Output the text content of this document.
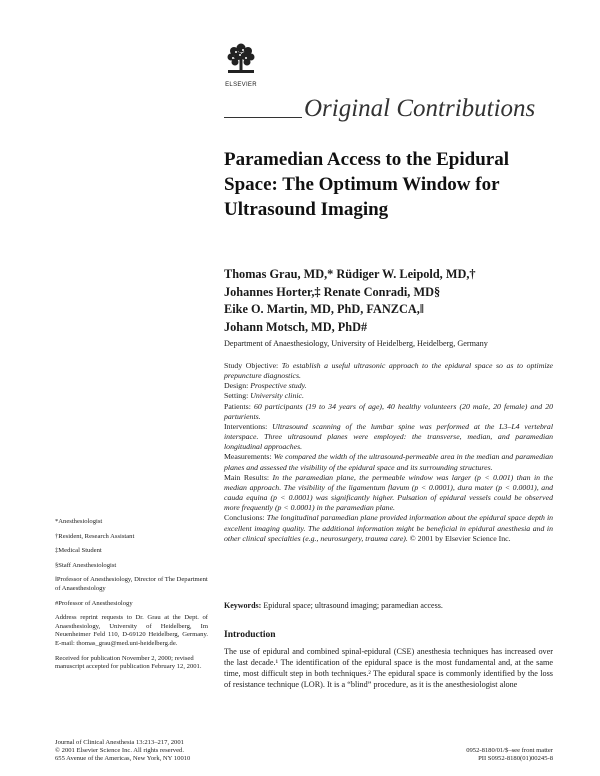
ELSEVIER
Original Contributions
Paramedian Access to the Epidural Space: The Optimum Window for Ultrasound Imaging
Thomas Grau, MD,* Rüdiger W. Leipold, MD,†
Johannes Horter,‡ Renate Conradi, MD§
Eike O. Martin, MD, PhD, FANZCA,‖
Johann Motsch, MD, PhD#
Department of Anaesthesiology, University of Heidelberg, Heidelberg, Germany

Study Objective: To establish a useful ultrasonic approach to the epidural space so as to optimize prepuncture diagnostics.

Design: Prospective study.

Setting: University clinic.

Patients: 60 participants (19 to 34 years of age), 40 healthy volunteers (20 male, 20 female) and 20 parturients.

Interventions: Ultrasound scanning of the lumbar spine was performed at the L3–L4 vertebral interspace. Three ultrasound planes were employed: the transverse, median, and paramedian longitudinal approaches.

Measurements: We compared the width of the ultrasound-permeable area in the median and paramedian planes and assessed the visibility of the epidural space and its surrounding structures.

Main Results: In the paramedian plane, the permeable window was larger (p < 0.001) than in the median approach. The visibility of the ligamentum flavum (p < 0.0001), dura mater (p < 0.0001), and cauda equina (p < 0.0001) was significantly higher. Pulsation of epidural vessels could be observed more frequently (p < 0.0001) in the paramedian plane.

Conclusions: The longitudinal paramedian plane provided information about the epidural space depth in excellent imaging quality. The additional information might be beneficial in epidural anesthesia and in other clinical specialties (e.g., neurosurgery, trauma care). © 2001 by Elsevier Science Inc.

Keywords: Epidural space; ultrasound imaging; paramedian access.
Introduction

The use of epidural and combined spinal-epidural (CSE) anesthesia techniques has increased over the last decade.¹ The identification of the epidural space is the most fundamental and, at the same time, most difficult step in both techniques.² The epidural space is commonly identified by the loss of resistance technique (LOR). It is a “blind” procedure, as it is the anesthesiologist alone

*Anesthesiologist
†Resident, Research Assistant
‡Medical Student
§Staff Anesthesiologist
‖Professor of Anesthesiology, Director of The Department of Anaesthesiology
#Professor of Anesthesiology
Address reprint requests to Dr. Grau at the Dept. of Anaesthesiology, University of Heidelberg, Im Neuenheimer Feld 110, D-69120 Heidelberg, Germany. E-mail: thomas_grau@med.uni-heidelberg.de.
Received for publication November 2, 2000; revised manuscript accepted for publication February 12, 2001.
Journal of Clinical Anesthesia 13:213–217, 2001
© 2001 Elsevier Science Inc. All rights reserved.
655 Avenue of the Americas, New York, NY 10010
0952-8180/01/$–see front matter
PII S0952-8180(01)00245-8
